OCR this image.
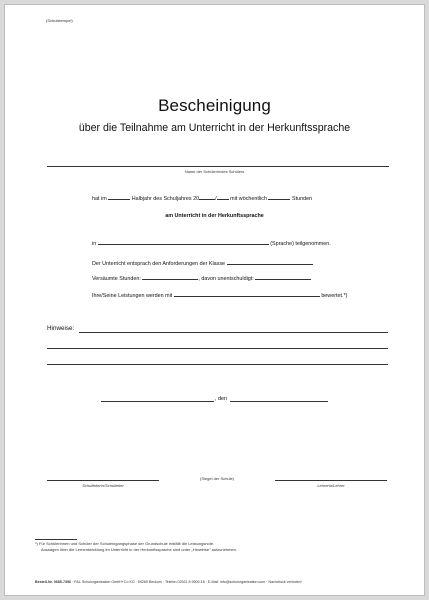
(Schulstempel)
Bescheinigung
über die Teilnahme am Unterricht in der Herkunftssprache
Name der Schülerin/des Schülers
hat im	Halbjahr des Schuljahres 20	/	mit wöchentlich	Stunden
am Unterricht in der Herkunftssprache
in	(Sprache) teilgenommen.
Der Unterricht entsprach den Anforderungen der Klasse
Versäumte Stunden:	, davon unentschuldigt:
Ihre/Seine Leistungen werden mit	bewertet.*)
Hinweise:
, den
(Siegel der Schule)
Schulleiterin/Schulleiter	Lehrerin/Lehrer
*) Für Schülerinnen und Schüler der Schuleingangsphase der Grundschule entfällt die Leistungsnote.
Aussagen über die Lernentwicklung im Unterricht in der Herkunftssprache sind unter „Hinweise" aufzunehmen.
Bestell-Nr. 0685-7396 · P&L Schulorganisation GmbH+Co KG · 59269 Beckum · Telefon 02521 8 9909-16 · E-Mail: info@schulorganisation.com · Nachdruck verboten!
